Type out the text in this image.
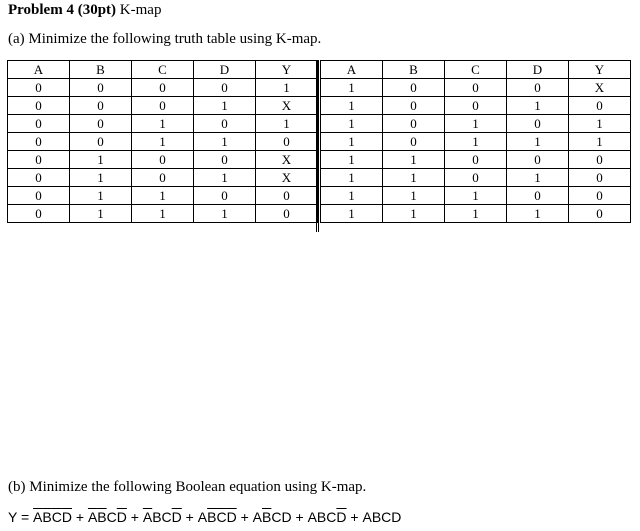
Problem 4 (30pt) K-map
(a) Minimize the following truth table using K-map.
A	B	C	D	Y
0	0	0	0	1
0	0	0	1	X
0	0	1	0	1
0	0	1	1	0
0	1	0	0	X
0	1	0	1	X
0	1	1	0	0
0	1	1	1	0
A	B	C	D	Y
1	0	0	0	X
1	0	0	1	0
1	0	1	0	1
1	0	1	1	1
1	1	0	0	0
1	1	0	1	0
1	1	1	0	0
1	1	1	1	0
(b) Minimize the following Boolean equation using K-map.
$Y = \overline{A}\overline{B}\overline{C}\overline{D} + \overline{A}\overline{B}C\overline{D} + \overline{A}BC\overline{D} + A\overline{B}\overline{C}\overline{D} + A\overline{B}CD + ABC\overline{D}$ + ABCD
